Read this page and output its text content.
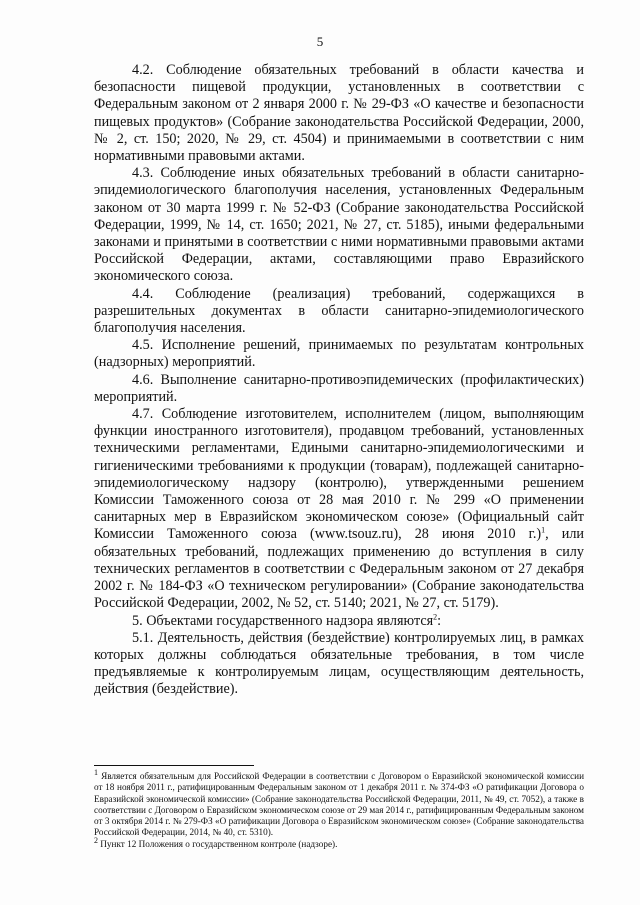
5

4.2. Соблюдение обязательных требований в области качества и безопасности пищевой продукции, установленных в соответствии с Федеральным законом от 2 января 2000 г. № 29-ФЗ «О качестве и безопасности пищевых продуктов» (Собрание законодательства Российской Федерации, 2000, № 2, ст. 150; 2020, № 29, ст. 4504) и принимаемыми в соответствии с ним нормативными правовыми актами.

4.3. Соблюдение иных обязательных требований в области санитарно-эпидемиологического благополучия населения, установленных Федеральным законом от 30 марта 1999 г. № 52-ФЗ (Собрание законодательства Российской Федерации, 1999, № 14, ст. 1650; 2021, № 27, ст. 5185), иными федеральными законами и принятыми в соответствии с ними нормативными правовыми актами Российской Федерации, актами, составляющими право Евразийского экономического союза.

4.4. Соблюдение (реализация) требований, содержащихся в разрешительных документах в области санитарно-эпидемиологического благополучия населения.

4.5. Исполнение решений, принимаемых по результатам контрольных (надзорных) мероприятий.

4.6. Выполнение санитарно-противоэпидемических (профилактических) мероприятий.

4.7. Соблюдение изготовителем, исполнителем (лицом, выполняющим функции иностранного изготовителя), продавцом требований, установленных техническими регламентами, Едиными санитарно-эпидемиологическими и гигиеническими требованиями к продукции (товарам), подлежащей санитарно-эпидемиологическому надзору (контролю), утвержденными решением Комиссии Таможенного союза от 28 мая 2010 г. № 299 «О применении санитарных мер в Евразийском экономическом союзе» (Официальный сайт Комиссии Таможенного союза (www.tsouz.ru), 28 июня 2010 г.)$^1$, или обязательных требований, подлежащих применению до вступления в силу технических регламентов в соответствии с Федеральным законом от 27 декабря 2002 г. № 184-ФЗ «О техническом регулировании» (Собрание законодательства Российской Федерации, 2002, № 52, ст. 5140; 2021, № 27, ст. 5179).

5. Объектами государственного надзора являются$^2$:

5.1. Деятельность, действия (бездействие) контролируемых лиц, в рамках которых должны соблюдаться обязательные требования, в том числе предъявляемые к контролируемым лицам, осуществляющим деятельность, действия (бездействие).

$^1$ Является обязательным для Российской Федерации в соответствии с Договором о Евразийской экономической комиссии от 18 ноября 2011 г., ратифицированным Федеральным законом от 1 декабря 2011 г. № 374-ФЗ «О ратификации Договора о Евразийской экономической комиссии» (Собрание законодательства Российской Федерации, 2011, № 49, ст. 7052), а также в соответствии с Договором о Евразийском экономическом союзе от 29 мая 2014 г., ратифицированным Федеральным законом от 3 октября 2014 г. № 279-ФЗ «О ратификации Договора о Евразийском экономическом союзе» (Собрание законодательства Российской Федерации, 2014, № 40, ст. 5310).

$^2$ Пункт 12 Положения о государственном контроле (надзоре).
